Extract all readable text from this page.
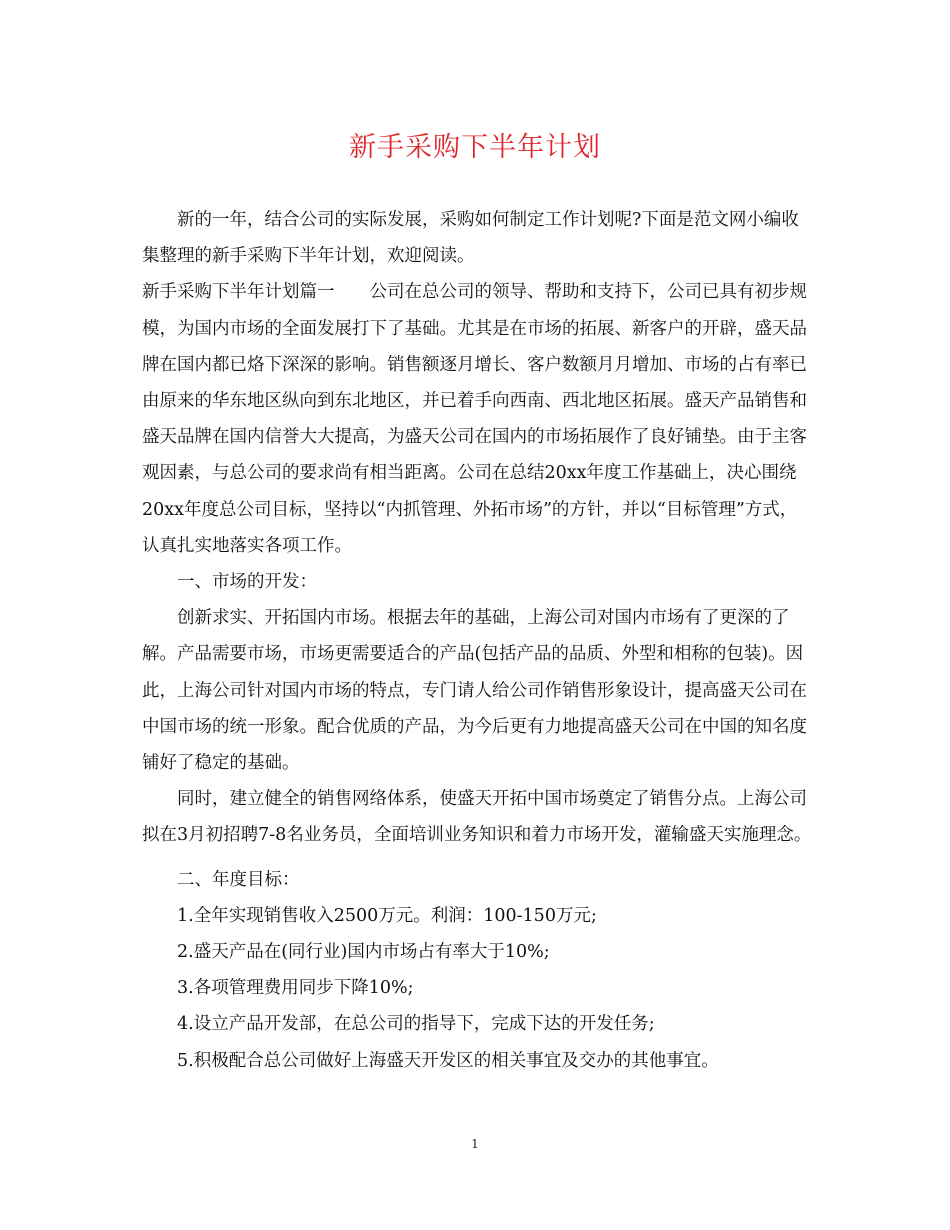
新手采购下半年计划

新的一年，结合公司的实际发展，采购如何制定工作计划呢?下面是范文网小编收集整理的新手采购下半年计划，欢迎阅读。

新手采购下半年计划篇一　　公司在总公司的领导、帮助和支持下，公司已具有初步规模，为国内市场的全面发展打下了基础。尤其是在市场的拓展、新客户的开辟，盛天品牌在国内都已烙下深深的影响。销售额逐月增长、客户数额月月增加、市场的占有率已由原来的华东地区纵向到东北地区，并已着手向西南、西北地区拓展。盛天产品销售和盛天品牌在国内信誉大大提高，为盛天公司在国内的市场拓展作了良好铺垫。由于主客观因素，与总公司的要求尚有相当距离。公司在总结20xx年度工作基础上，决心围绕20xx年度总公司目标，坚持以“内抓管理、外拓市场”的方针，并以“目标管理”方式，认真扎实地落实各项工作。

一、市场的开发：

创新求实、开拓国内市场。根据去年的基础，上海公司对国内市场有了更深的了解。产品需要市场，市场更需要适合的产品(包括产品的品质、外型和相称的包装)。因此，上海公司针对国内市场的特点，专门请人给公司作销售形象设计，提高盛天公司在中国市场的统一形象。配合优质的产品，为今后更有力地提高盛天公司在中国的知名度铺好了稳定的基础。

同时，建立健全的销售网络体系，使盛天开拓中国市场奠定了销售分点。上海公司拟在3月初招聘7-8名业务员，全面培训业务知识和着力市场开发，灌输盛天实施理念。

二、年度目标：

1.全年实现销售收入2500万元。利润：100-150万元;

2.盛天产品在(同行业)国内市场占有率大于10%;

3.各项管理费用同步下降10%;

4.设立产品开发部，在总公司的指导下，完成下达的开发任务;

5.积极配合总公司做好上海盛天开发区的相关事宜及交办的其他事宜。

1
